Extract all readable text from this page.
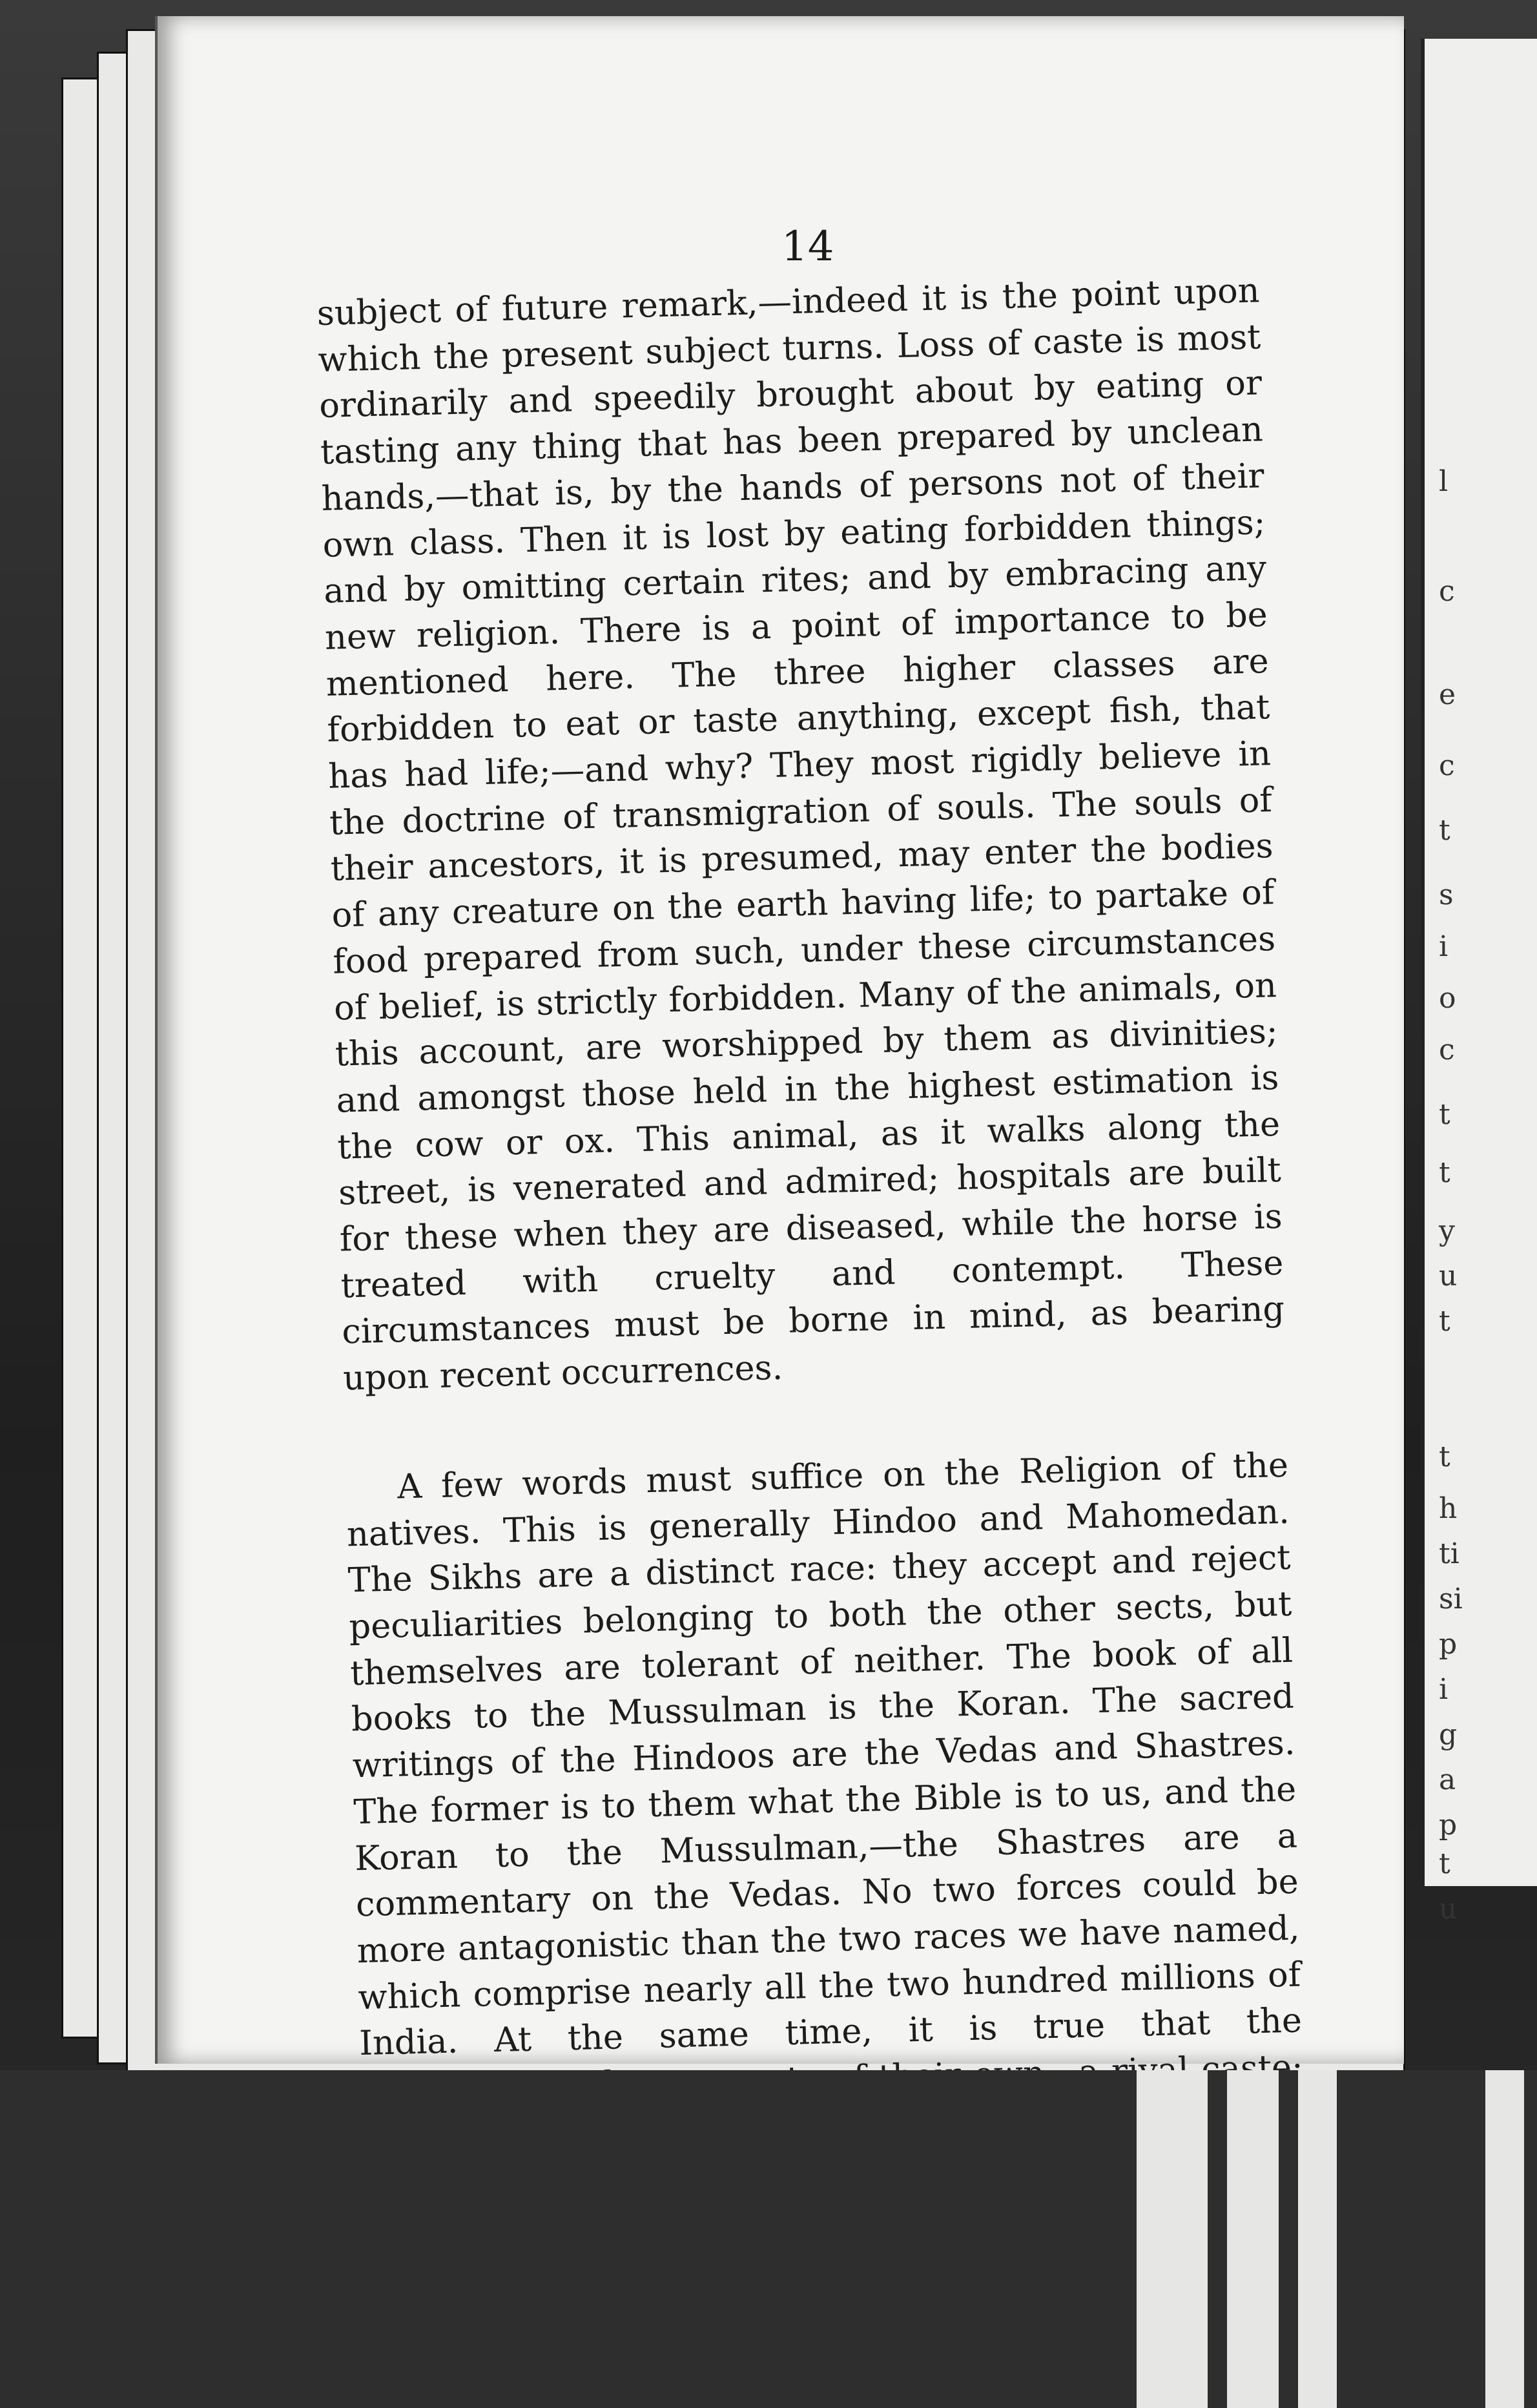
l
c
e
c
t
s
i
o
c
t
t
y
u
t
t
h
ti
si
p
i
g
a
p
t
u
14

subject of future remark,—indeed it is the point upon which the present subject turns. Loss of caste is most ordinarily and speedily brought about by eating or tasting any thing that has been prepared by unclean hands,—that is, by the hands of persons not of their own class. Then it is lost by eating forbidden things; and by omitting certain rites; and by embracing any new religion. There is a point of importance to be mentioned here. The three higher classes are forbidden to eat or taste anything, except fish, that has had life;—and why? They most rigidly believe in the doctrine of transmigration of souls. The souls of their ancestors, it is presumed, may enter the bodies of any creature on the earth having life; to partake of food prepared from such, under these circumstances of belief, is strictly forbidden. Many of the animals, on this account, are worshipped by them as divinities; and amongst those held in the highest estimation is the cow or ox. This animal, as it walks along the street, is venerated and admired; hospitals are built for these when they are diseased, while the horse is treated with cruelty and contempt. These circumstances must be borne in mind, as bearing upon recent occurrences.

A few words must suffice on the Religion of the natives. This is generally Hindoo and Mahomedan. The Sikhs are a distinct race: they accept and reject peculiarities belonging to both the other sects, but themselves are tolerant of neither. The book of all books to the Mussulman is the Koran. The sacred writings of the Hindoos are the Vedas and Shastres. The former is to them what the Bible is to us, and the Koran to the Mussulman,—the Shastres are a commentary on the Vedas. No two forces could be more antagonistic than the two races we have named, which comprise nearly all the two hundred millions of India. At the same time, it is true that the caste;
